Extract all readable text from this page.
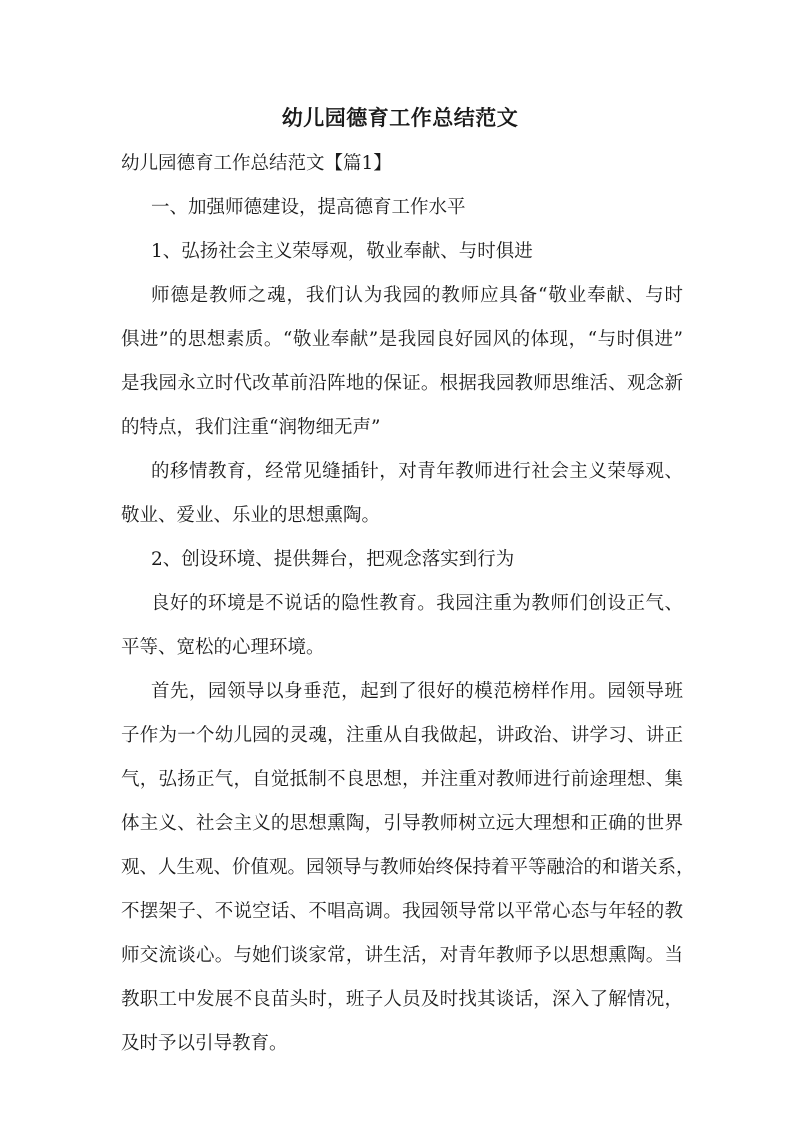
幼儿园德育工作总结范文
幼儿园德育工作总结范文【篇1】
一、加强师德建设，提高德育工作水平
1、弘扬社会主义荣辱观，敬业奉献、与时俱进
师德是教师之魂，我们认为我园的教师应具备“敬业奉献、与时
俱进”的思想素质。“敬业奉献”是我园良好园风的体现，“与时俱进”
是我园永立时代改革前沿阵地的保证。根据我园教师思维活、观念新
的特点，我们注重“润物细无声”
的移情教育，经常见缝插针，对青年教师进行社会主义荣辱观、
敬业、爱业、乐业的思想熏陶。
2、创设环境、提供舞台，把观念落实到行为
良好的环境是不说话的隐性教育。我园注重为教师们创设正气、
平等、宽松的心理环境。
首先，园领导以身垂范，起到了很好的模范榜样作用。园领导班
子作为一个幼儿园的灵魂，注重从自我做起，讲政治、讲学习、讲正
气，弘扬正气，自觉抵制不良思想，并注重对教师进行前途理想、集
体主义、社会主义的思想熏陶，引导教师树立远大理想和正确的世界
观、人生观、价值观。园领导与教师始终保持着平等融洽的和谐关系，
不摆架子、不说空话、不唱高调。我园领导常以平常心态与年轻的教
师交流谈心。与她们谈家常，讲生活，对青年教师予以思想熏陶。当
教职工中发展不良苗头时，班子人员及时找其谈话，深入了解情况，
及时予以引导教育。
